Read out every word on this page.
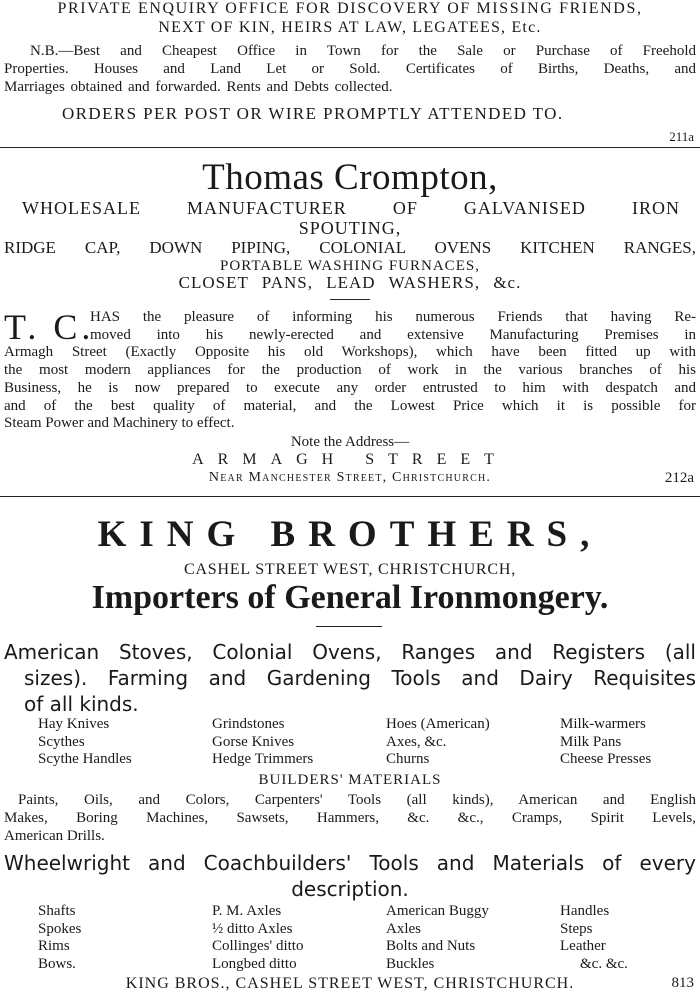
PRIVATE ENQUIRY OFFICE FOR DISCOVERY OF MISSING FRIENDS,
NEXT OF KIN, HEIRS AT LAW, LEGATEES, Etc.
N.B.—Best and Cheapest Office in Town for the Sale or Purchase of Freehold
Properties. Houses and Land Let or Sold. Certificates of Births, Deaths, and
Marriages obtained and forwarded. Rents and Debts collected.
ORDERS PER POST OR WIRE PROMPTLY ATTENDED TO.
211a
Thomas Crompton,
WHOLESALE MANUFACTURER OF GALVANISED IRON
SPOUTING,
RIDGE CAP, DOWN PIPING, COLONIAL OVENS KITCHEN RANGES,
PORTABLE WASHING FURNACES,
CLOSET PANS, LEAD WASHERS, &c.
T. C.
HAS the pleasure of informing his numerous Friends that having Re-
moved into his newly-erected and extensive Manufacturing Premises in
Armagh Street (Exactly Opposite his old Workshops), which have been fitted up with
the most modern appliances for the production of work in the various branches of his
Business, he is now prepared to execute any order entrusted to him with despatch and
and of the best quality of material, and the Lowest Price which it is possible for
Steam Power and Machinery to effect.
Note the Address—
ARMAGH STREET
Near Manchester Street, Christchurch.	212a
KING BROTHERS,
CASHEL STREET WEST, CHRISTCHURCH,
Importers of General Ironmongery.
American Stoves, Colonial Ovens, Ranges and Registers (all
sizes). Farming and Gardening Tools and Dairy Requisites
of all kinds.
Hay Knives
Scythes
Scythe Handles
Grindstones
Gorse Knives
Hedge Trimmers
Hoes (American)
Axes, &c.
Churns
Milk-warmers
Milk Pans
Cheese Presses
BUILDERS' MATERIALS
Paints, Oils, and Colors, Carpenters' Tools (all kinds), American and English
Makes, Boring Machines, Sawsets, Hammers, &c. &c., Cramps, Spirit Levels,
American Drills.
Wheelwright and Coachbuilders' Tools and Materials of every
description.
Shafts
Spokes
Rims
Bows.
P. M. Axles
½ ditto Axles
Collinges' ditto
Longbed ditto
American Buggy
Axles
Bolts and Nuts
Buckles
Handles
Steps
Leather
&c. &c.
KING BROS., CASHEL STREET WEST, CHRISTCHURCH.	813
